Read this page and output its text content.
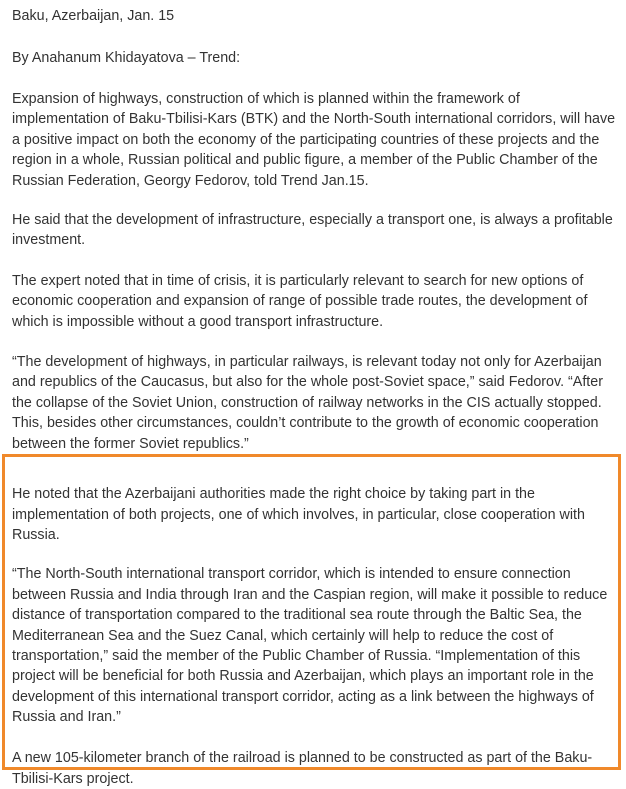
Baku, Azerbaijan, Jan. 15

By Anahanum Khidayatova – Trend:

Expansion of highways, construction of which is planned within the framework of implementation of Baku-Tbilisi-Kars (BTK) and the North-South international corridors, will have a positive impact on both the economy of the participating countries of these projects and the region in a whole, Russian political and public figure, a member of the Public Chamber of the Russian Federation, Georgy Fedorov, told Trend Jan.15.

He said that the development of infrastructure, especially a transport one, is always a profitable investment.

The expert noted that in time of crisis, it is particularly relevant to search for new options of economic cooperation and expansion of range of possible trade routes, the development of which is impossible without a good transport infrastructure.

“The development of highways, in particular railways, is relevant today not only for Azerbaijan and republics of the Caucasus, but also for the whole post-Soviet space,” said Fedorov. “After the collapse of the Soviet Union, construction of railway networks in the CIS actually stopped. This, besides other circumstances, couldn’t contribute to the growth of economic cooperation between the former Soviet republics.”

He noted that the Azerbaijani authorities made the right choice by taking part in the implementation of both projects, one of which involves, in particular, close cooperation with Russia.

“The North-South international transport corridor, which is intended to ensure connection between Russia and India through Iran and the Caspian region, will make it possible to reduce distance of transportation compared to the traditional sea route through the Baltic Sea, the Mediterranean Sea and the Suez Canal, which certainly will help to reduce the cost of transportation,” said the member of the Public Chamber of Russia. “Implementation of this project will be beneficial for both Russia and Azerbaijan, which plays an important role in the development of this international transport corridor, acting as a link between the highways of Russia and Iran.”

A new 105-kilometer branch of the railroad is planned to be constructed as part of the Baku-Tbilisi-Kars project.
